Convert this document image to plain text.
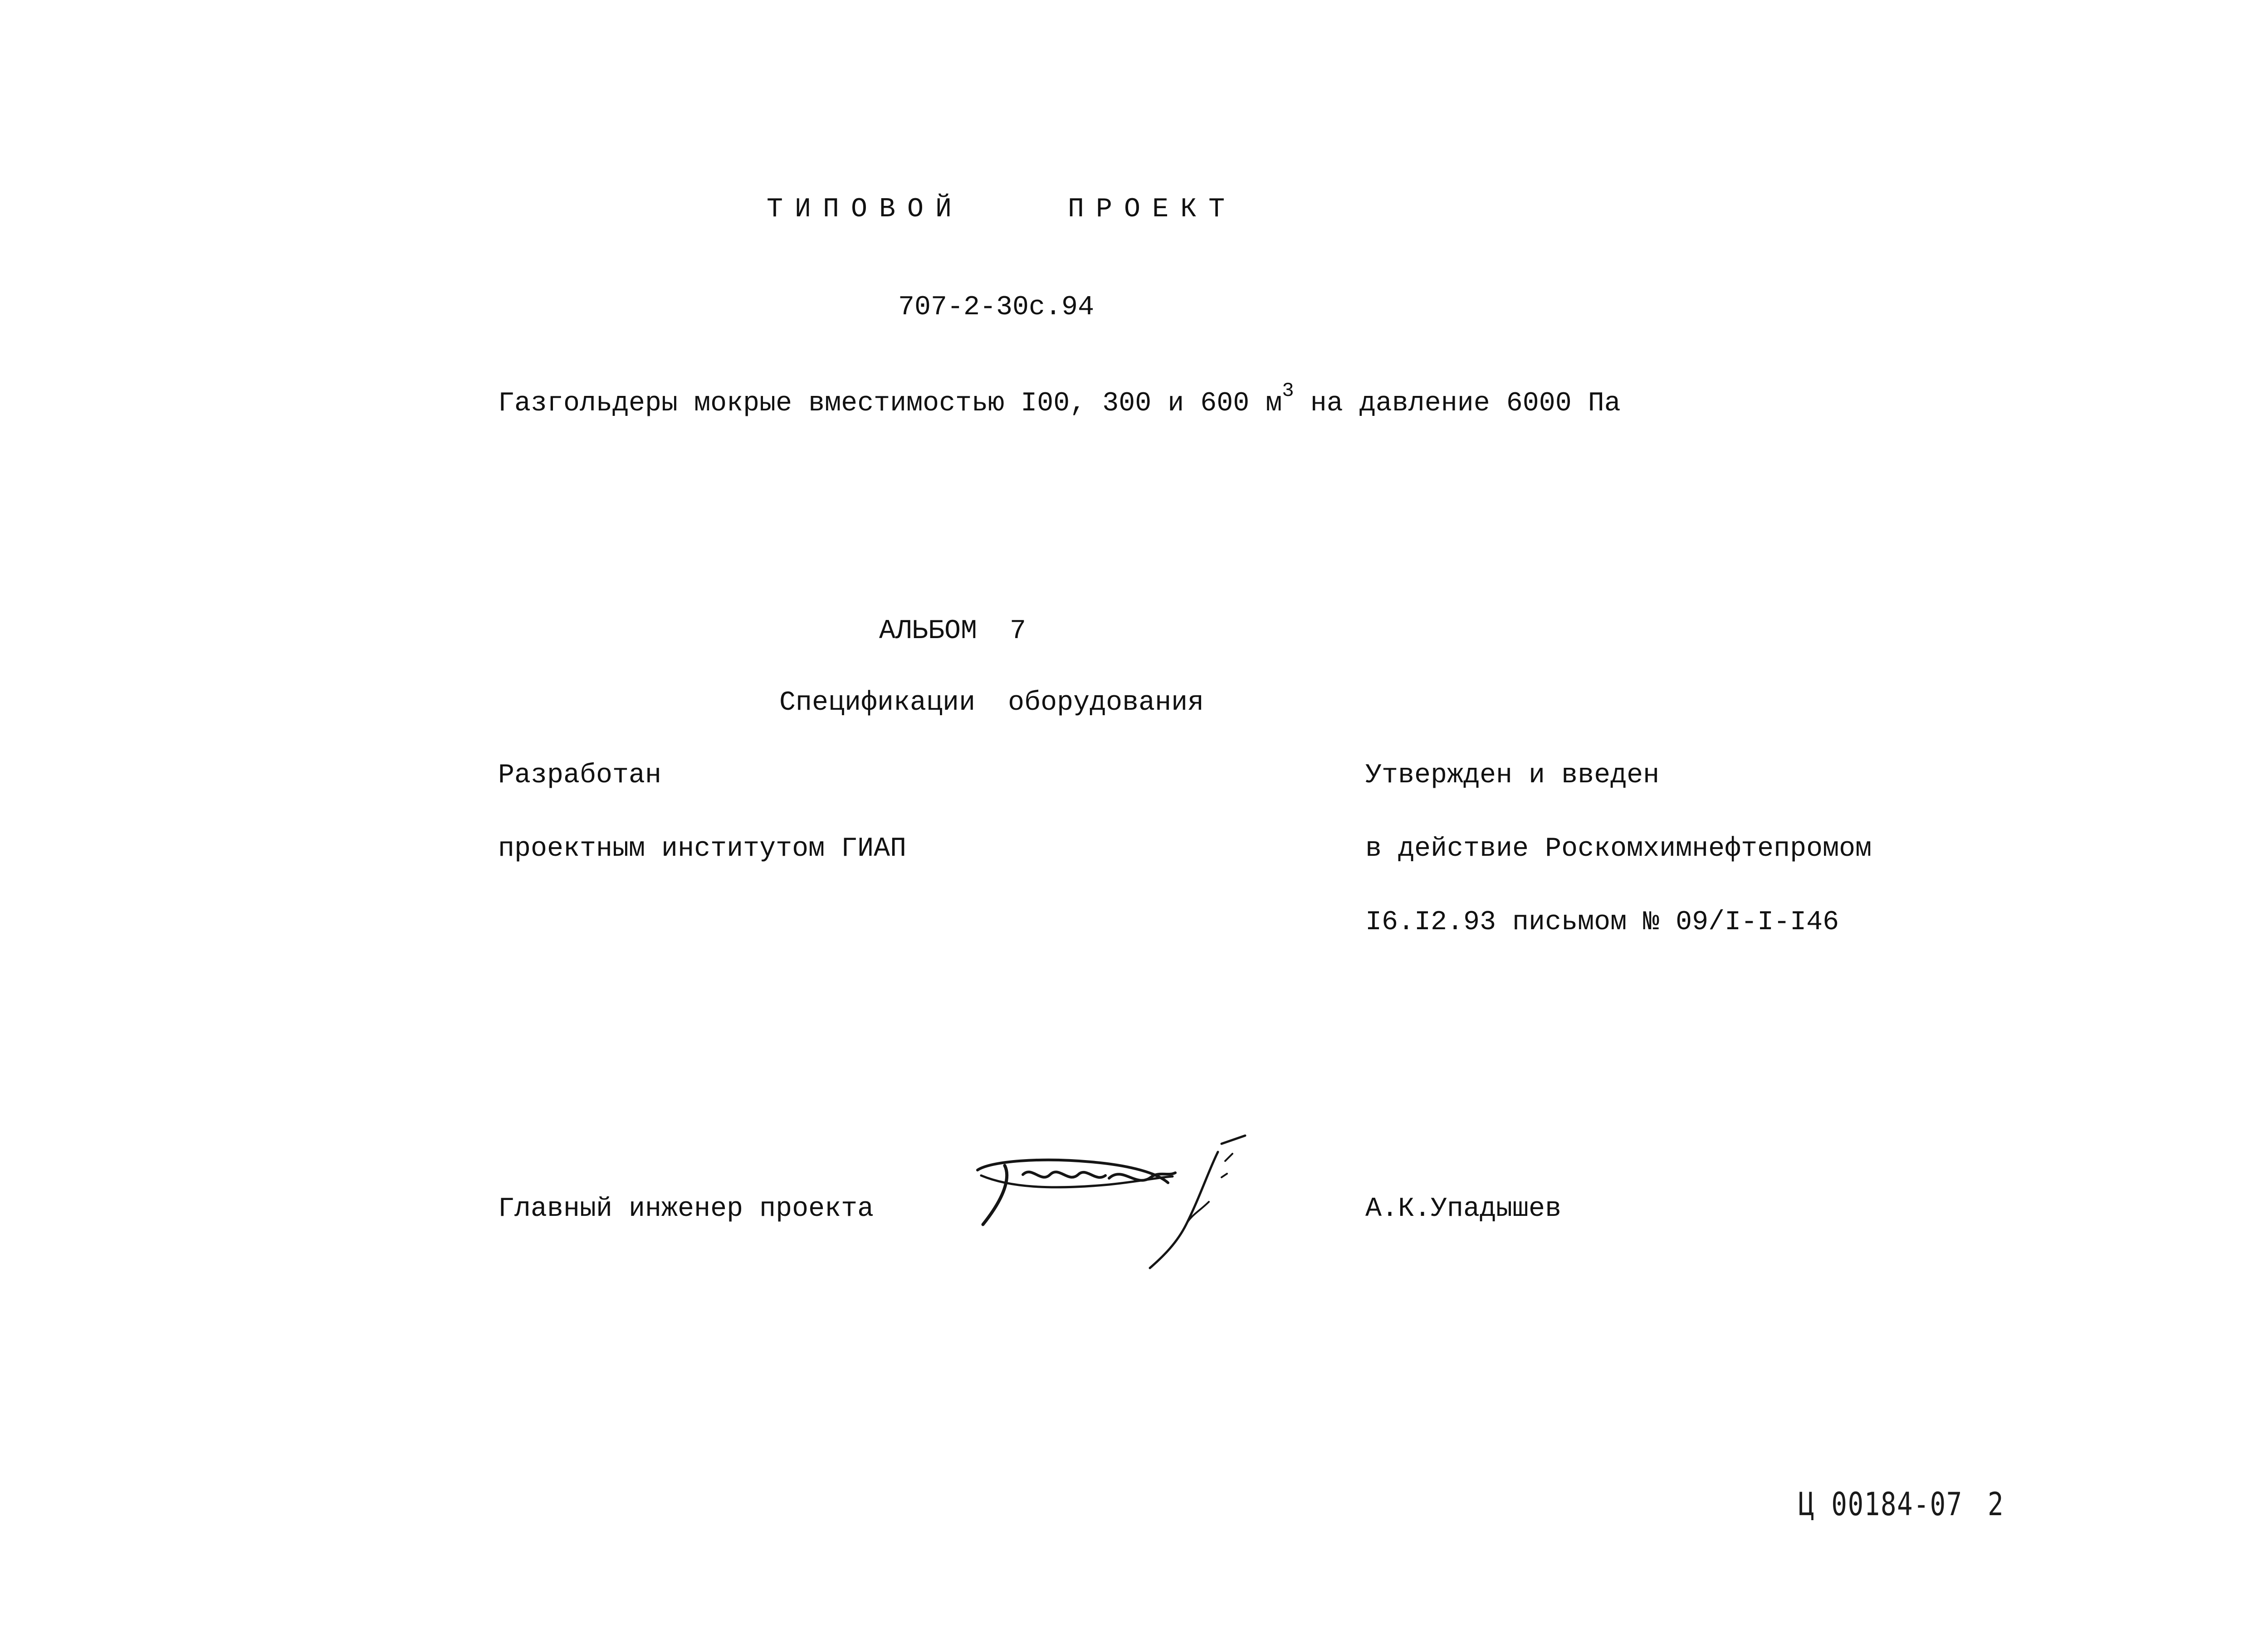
ТИПОВОЙ	ПРОЕКТ
707-2-30с.94
Газгольдеры мокрые вместимостью I00, 300 и 600 $м^3$ на давление 6000 Па
АЛЬБОМ  7
Спецификации  оборудования
Разработан
проектным институтом ГИАП
Утвержден и введен
в действие Роскомхимнефтепромом
I6.I2.93 письмом № 09/I-I-I46
Главный инженер проекта	А.К.Упадышев
Ц 00184-07 2
